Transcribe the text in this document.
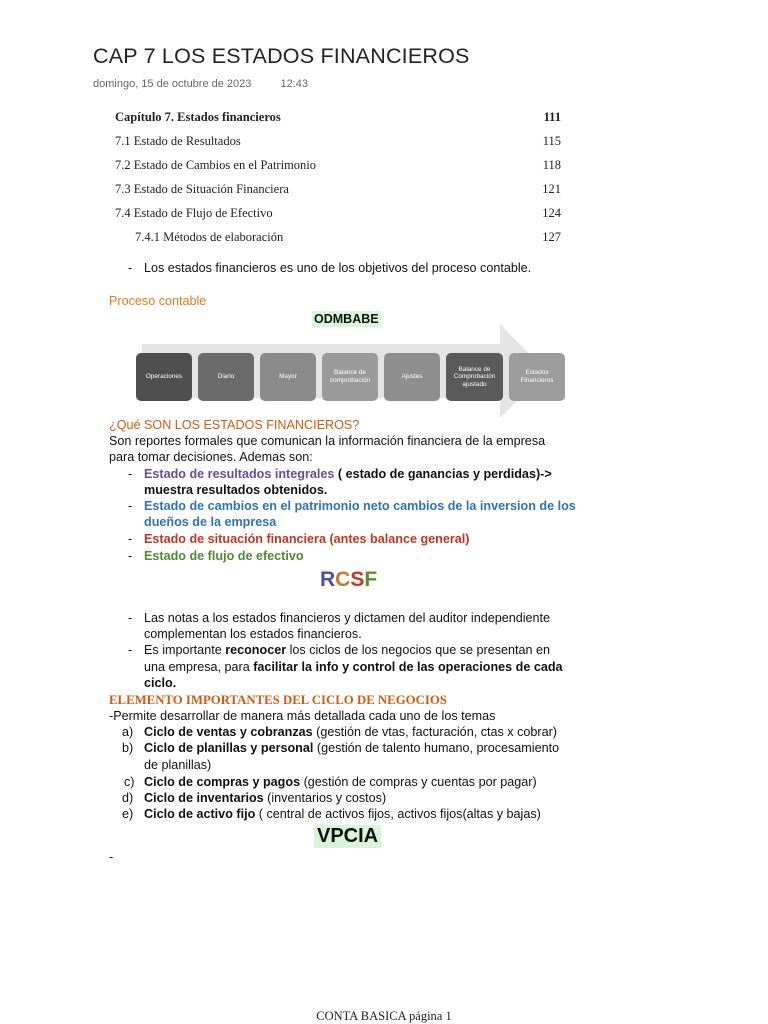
CAP 7 LOS ESTADOS FINANCIEROS
domingo, 15 de octubre de 2023	12:43
Capítulo 7. Estados financieros	111
7.1 Estado de Resultados	115
7.2 Estado de Cambios en el Patrimonio	118
7.3 Estado de Situación Financiera	121
7.4 Estado de Flujo de Efectivo	124
7.4.1 Métodos de elaboración	127
- Los estados financieros es uno de los objetivos del proceso contable.
Proceso contable
ODMBABE
Operaciones	Diario	Mayor
Balance de comprobación
Ajustes
Balance de Comprobación ajustado
Estados Financieros
¿Qué SON LOS ESTADOS FINANCIEROS?
Son reportes formales que comunican la información financiera de la empresa
para tomar decisiones. Ademas son:
- Estado de resultados integrales ( estado de ganancias y perdidas)->
muestra resultados obtenidos.
- Estado de cambios en el patrimonio neto cambios de la inversion de los
dueños de la empresa
- Estado de situación financiera (antes balance general)
- Estado de flujo de efectivo
RCSF
- Las notas a los estados financieros y dictamen del auditor independiente
complementan los estados financieros.
- Es importante reconocer los ciclos de los negocios que se presentan en
una empresa, para facilitar la info y control de las operaciones de cada
ciclo.
ELEMENTO IMPORTANTES DEL CICLO DE NEGOCIOS
-Permite desarrollar de manera más detallada cada uno de los temas
a) Ciclo de ventas y cobranzas (gestión de vtas, facturación, ctas x cobrar)
b) Ciclo de planillas y personal (gestión de talento humano, procesamiento
de planillas)
c) Ciclo de compras y pagos (gestión de compras y cuentas por pagar)
d) Ciclo de inventarios (inventarios y costos)
e) Ciclo de activo fijo ( central de activos fijos, activos fijos(altas y bajas)
VPCIA
-
CONTA BASICA página 1
